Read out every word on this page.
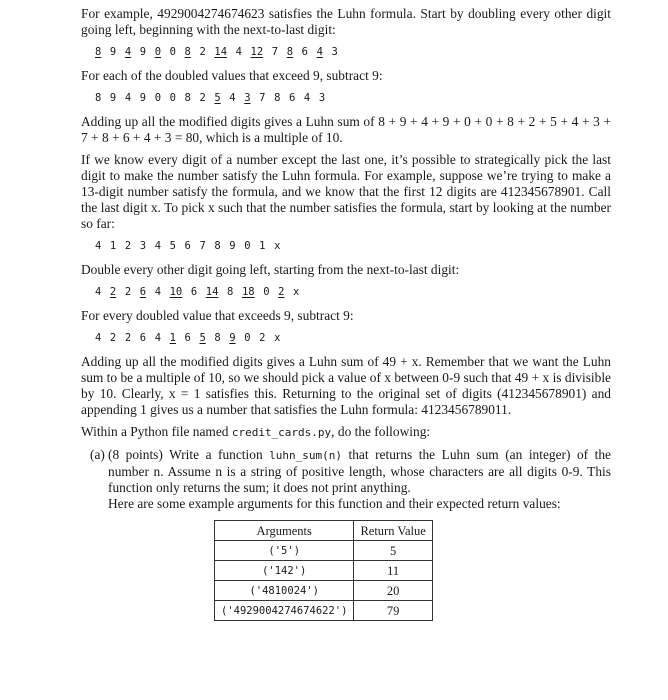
For example, 4929004274674623 satisfies the Luhn formula. Start by doubling every other digit going left, beginning with the next-to-last digit:

8 9 4 9 0 0 8 2 14 4 12 7 8 6 4 3

For each of the doubled values that exceed 9, subtract 9:

8 9 4 9 0 0 8 2 5 4 3 7 8 6 4 3

Adding up all the modified digits gives a Luhn sum of 8 + 9 + 4 + 9 + 0 + 0 + 8 + 2 + 5 + 4 + 3 + 7 + 8 + 6 + 4 + 3 = 80, which is a multiple of 10.

If we know every digit of a number except the last one, it’s possible to strategically pick the last digit to make the number satisfy the Luhn formula. For example, suppose we’re trying to make a 13-digit number satisfy the formula, and we know that the first 12 digits are 412345678901. Call the last digit x. To pick x such that the number satisfies the formula, start by looking at the number so far:

4 1 2 3 4 5 6 7 8 9 0 1 x

Double every other digit going left, starting from the next-to-last digit:

4 2 2 6 4 10 6 14 8 18 0 2 x

For every doubled value that exceeds 9, subtract 9:

4 2 2 6 4 1 6 5 8 9 0 2 x

Adding up all the modified digits gives a Luhn sum of 49 + x. Remember that we want the Luhn sum to be a multiple of 10, so we should pick a value of x between 0-9 such that 49 + x is divisible by 10. Clearly, x = 1 satisfies this. Returning to the original set of digits (412345678901) and appending 1 gives us a number that satisfies the Luhn formula: 4123456789011.

Within a Python file named credit_cards.py, do the following:

(a) (8 points) Write a function luhn_sum(n) that returns the Luhn sum (an integer) of the number n. Assume n is a string of positive length, whose characters are all digits 0-9. This function only returns the sum; it does not print anything.

Here are some example arguments for this function and their expected return values:

Arguments	Return Value
('5')	5
('142')	11
('4810024')	20
('4929004274674622')	79
